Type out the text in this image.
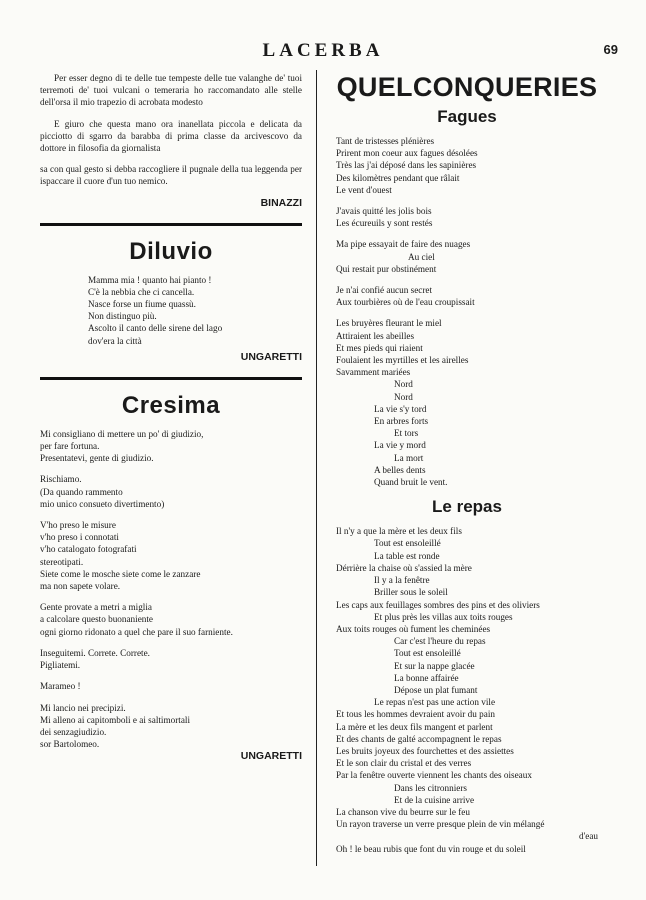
LACERBA	69

Per esser degno di te delle tue tempeste delle tue valanghe de' tuoi terremoti de' tuoi vulcani o temeraria ho raccomandato alle stelle dell'orsa il mio trapezio di acrobata modesto

E giuro che questa mano ora inanellata piccola e delicata da picciotto di sgarro da barabba di prima classe da arcivescovo da dottore in filosofia da giornalista

sa con qual gesto si debba raccogliere il pugnale della tua leggenda per ispaccare il cuore d'un tuo nemico.

BINAZZI
Diluvio
Mamma mia ! quanto hai pianto !
C'è la nebbia che ci cancella.
Nasce forse un fiume quassù.
Non distinguo più.
Ascolto il canto delle sirene del lago
dov'era la città
UNGARETTI
Cresima
Mi consigliano di mettere un po' di giudizio,
per fare fortuna.
Presentatevi, gente di giudizio.
Rischiamo.
(Da quando rammento
mio unico consueto divertimento)
V'ho preso le misure
v'ho preso i connotati
v'ho catalogato fotografati
stereotipati.
Siete come le mosche siete come le zanzare
ma non sapete volare.
Gente provate a metri a miglia
a calcolare questo buonaniente
ogni giorno ridonato a quel che pare il suo farniente.
Inseguitemi. Correte. Correte.
Pigliatemi.
Marameo !
Mi lancio nei precipizi.
Mi alleno ai capitomboli e ai saltimortali
dei senzagiudizio.
sor Bartolomeo.
UNGARETTI
QUELCONQUERIES
Fagues
Tant de tristesses plénières
Prirent mon coeur aux fagues désolées
Très las j'ai déposé dans les sapinières
Des kilomètres pendant que râlait
Le vent d'ouest
J'avais quitté les jolis bois
Les écureuils y sont restés
Ma pipe essayait de faire des nuages
Au ciel
Qui restait pur obstinément
Je n'ai confié aucun secret
Aux tourbières où de l'eau croupissait
Les bruyères fleurant le miel
Attiraient les abeilles
Et mes pieds qui riaient
Foulaient les myrtilles et les airelles
Savamment mariées
Nord
Nord
La vie s'y tord
En arbres forts
Et tors
La vie y mord
La mort
A belles dents
Quand bruit le vent.
Le repas
Il n'y a que la mère et les deux fils
Tout est ensoleillé
La table est ronde
Dérrière la chaise où s'assied la mère
Il y a la fenêtre
Briller sous le soleil
Les caps aux feuillages sombres des pins et des oliviers
Et plus près les villas aux toits rouges
Aux toits rouges où fument les cheminées
Car c'est l'heure du repas
Tout est ensoleillé
Et sur la nappe glacée
La bonne affairée
Dépose un plat fumant
Le repas n'est pas une action vile
Et tous les hommes devraient avoir du pain
La mère et les deux fils mangent et parlent
Et des chants de galté accompagnent le repas
Les bruits joyeux des fourchettes et des assiettes
Et le son clair du cristal et des verres
Par la fenêtre ouverte viennent les chants des oiseaux
Dans les citronniers
Et de la cuisine arrive
La chanson vive du beurre sur le feu
Un rayon traverse un verre presque plein de vin mélangé
d'eau
Oh ! le beau rubis que font du vin rouge et du soleil
